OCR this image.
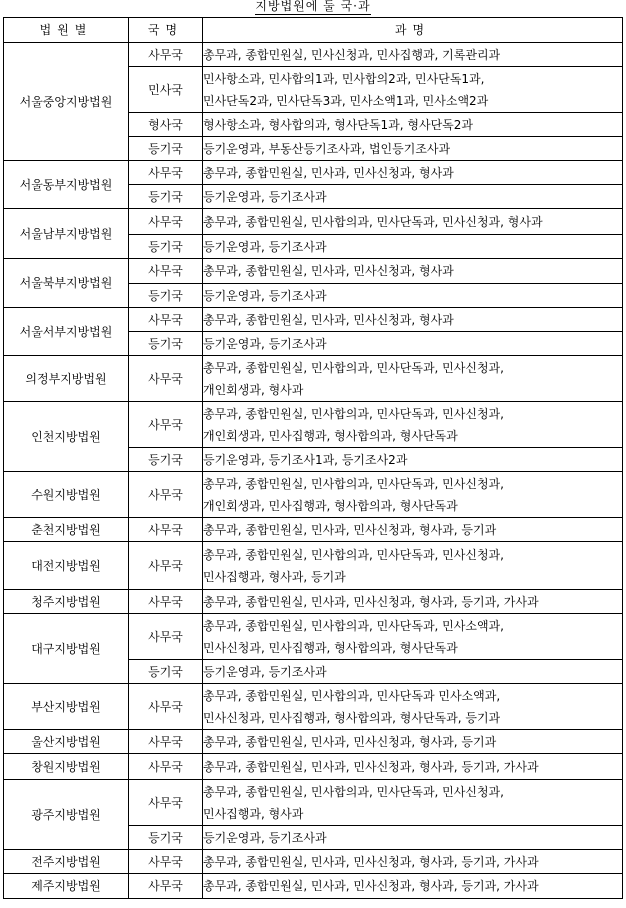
지방법원에 둘 국·과
법원별	국명	과명
서울중앙지방법원	사무국	총무과, 종합민원실, 민사신청과, 민사집행과, 기록관리과
	민사국	민사항소과, 민사합의1과, 민사합의2과, 민사단독1과,
민사단독2과, 민사단독3과, 민사소액1과, 민사소액2과
	형사국	형사항소과, 형사합의과, 형사단독1과, 형사단독2과
	등기국	등기운영과, 부동산등기조사과, 법인등기조사과
서울동부지방법원	사무국	총무과, 종합민원실, 민사과, 민사신청과, 형사과
	등기국	등기운영과, 등기조사과
서울남부지방법원	사무국	총무과, 종합민원실, 민사합의과, 민사단독과, 민사신청과, 형사과
	등기국	등기운영과, 등기조사과
서울북부지방법원	사무국	총무과, 종합민원실, 민사과, 민사신청과, 형사과
	등기국	등기운영과, 등기조사과
서울서부지방법원	사무국	총무과, 종합민원실, 민사과, 민사신청과, 형사과
	등기국	등기운영과, 등기조사과
의정부지방법원	사무국	총무과, 종합민원실, 민사합의과, 민사단독과, 민사신청과,
개인회생과, 형사과
인천지방법원	사무국	총무과, 종합민원실, 민사합의과, 민사단독과, 민사신청과,
개인회생과, 민사집행과, 형사합의과, 형사단독과
	등기국	등기운영과, 등기조사1과, 등기조사2과
수원지방법원	사무국	총무과, 종합민원실, 민사합의과, 민사단독과, 민사신청과,
개인회생과, 민사집행과, 형사합의과, 형사단독과
춘천지방법원	사무국	총무과, 종합민원실, 민사과, 민사신청과, 형사과, 등기과
대전지방법원	사무국	총무과, 종합민원실, 민사합의과, 민사단독과, 민사신청과,
민사집행과, 형사과, 등기과
청주지방법원	사무국	총무과, 종합민원실, 민사과, 민사신청과, 형사과, 등기과, 가사과
대구지방법원	사무국	총무과, 종합민원실, 민사합의과, 민사단독과, 민사소액과,
민사신청과, 민사집행과, 형사합의과, 형사단독과
	등기국	등기운영과, 등기조사과
부산지방법원	사무국	총무과, 종합민원실, 민사합의과, 민사단독과 민사소액과,
민사신청과, 민사집행과, 형사합의과, 형사단독과, 등기과
울산지방법원	사무국	총무과, 종합민원실, 민사과, 민사신청과, 형사과, 등기과
창원지방법원	사무국	총무과, 종합민원실, 민사과, 민사신청과, 형사과, 등기과, 가사과
광주지방법원	사무국	총무과, 종합민원실, 민사합의과, 민사단독과, 민사신청과,
민사집행과, 형사과
	등기국	등기운영과, 등기조사과
전주지방법원	사무국	총무과, 종합민원실, 민사과, 민사신청과, 형사과, 등기과, 가사과
제주지방법원	사무국	총무과, 종합민원실, 민사과, 민사신청과, 형사과, 등기과, 가사과
